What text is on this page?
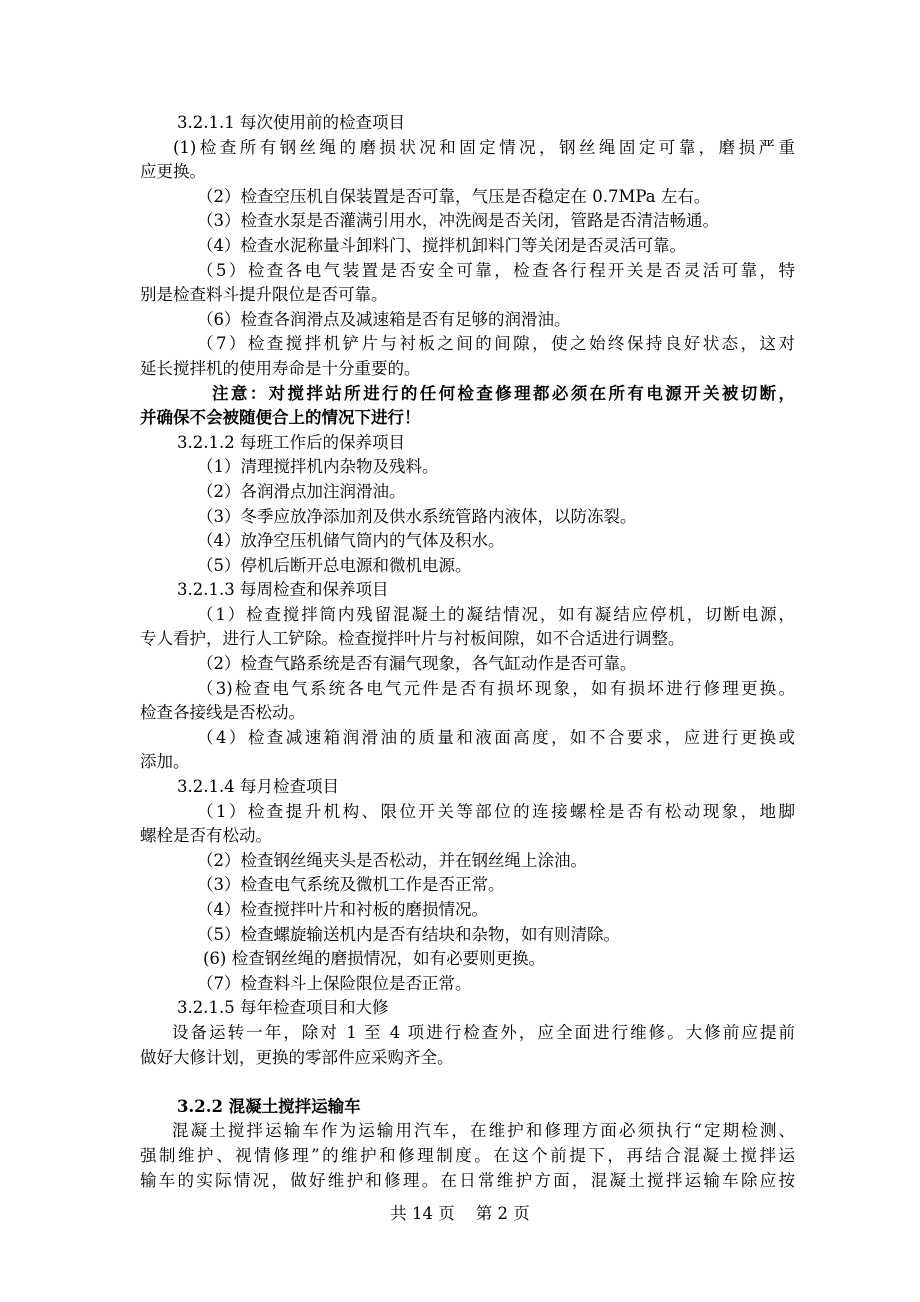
3.2.1.1 每次使用前的检查项目
(1)检查所有钢丝绳的磨损状况和固定情况，钢丝绳固定可靠，磨损严重
应更换。
（2）检查空压机自保装置是否可靠，气压是否稳定在 0.7MPa 左右。
（3）检查水泵是否灌满引用水，冲洗阀是否关闭，管路是否清洁畅通。
（4）检查水泥称量斗卸料门、搅拌机卸料门等关闭是否灵活可靠。
（5）检查各电气装置是否安全可靠，检查各行程开关是否灵活可靠，特
别是检查料斗提升限位是否可靠。
（6）检查各润滑点及减速箱是否有足够的润滑油。
（7）检查搅拌机铲片与衬板之间的间隙，使之始终保持良好状态，这对
延长搅拌机的使用寿命是十分重要的。
注意：对搅拌站所进行的任何检查修理都必须在所有电源开关被切断，
并确保不会被随便合上的情况下进行！
3.2.1.2 每班工作后的保养项目
（1）清理搅拌机内杂物及残料。
（2）各润滑点加注润滑油。
（3）冬季应放净添加剂及供水系统管路内液体，以防冻裂。
（4）放净空压机储气筒内的气体及积水。
（5）停机后断开总电源和微机电源。
3.2.1.3 每周检查和保养项目
（1）检查搅拌筒内残留混凝土的凝结情况，如有凝结应停机，切断电源，
专人看护，进行人工铲除。检查搅拌叶片与衬板间隙，如不合适进行调整。
（2）检查气路系统是否有漏气现象，各气缸动作是否可靠。
（3)检查电气系统各电气元件是否有损坏现象，如有损坏进行修理更换。
检查各接线是否松动。
（4）检查减速箱润滑油的质量和液面高度，如不合要求，应进行更换或
添加。
3.2.1.4 每月检查项目
（1）检查提升机构、限位开关等部位的连接螺栓是否有松动现象，地脚
螺栓是否有松动。
（2）检查钢丝绳夹头是否松动，并在钢丝绳上涂油。
（3）检查电气系统及微机工作是否正常。
（4）检查搅拌叶片和衬板的磨损情况。
（5）检查螺旋输送机内是否有结块和杂物，如有则清除。
(6) 检查钢丝绳的磨损情况，如有必要则更换。
（7）检查料斗上保险限位是否正常。
3.2.1.5 每年检查项目和大修
设备运转一年，除对 1 至 4 项进行检查外，应全面进行维修。大修前应提前
做好大修计划，更换的零部件应采购齐全。
3.2.2 混凝土搅拌运输车
混凝土搅拌运输车作为运输用汽车，在维护和修理方面必须执行“定期检测、
强制维护、视情修理”的维护和修理制度。在这个前提下，再结合混凝土搅拌运
输车的实际情况，做好维护和修理。在日常维护方面，混凝土搅拌运输车除应按
共 14 页 第 2 页
